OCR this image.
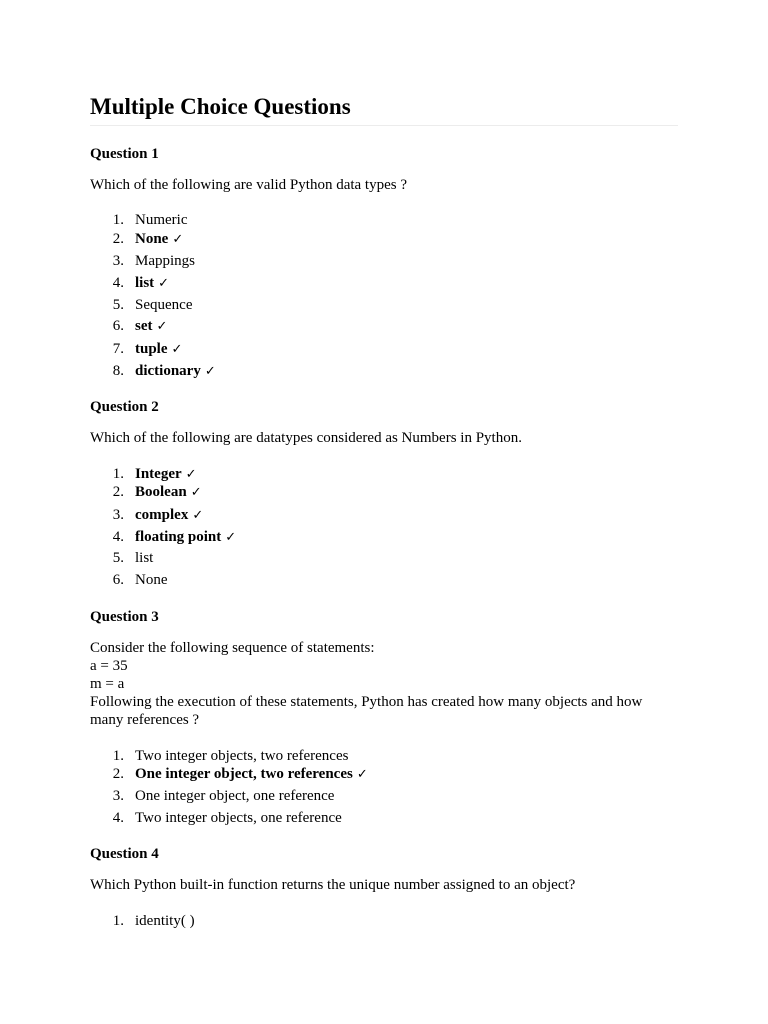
Multiple Choice Questions
Question 1
Which of the following are valid Python data types ?
1. Numeric
2. None ✓
3. Mappings
4. list ✓
5. Sequence
6. set ✓
7. tuple ✓
8. dictionary ✓
Question 2
Which of the following are datatypes considered as Numbers in Python.
1. Integer ✓
2. Boolean ✓
3. complex ✓
4. floating point ✓
5. list
6. None
Question 3
Consider the following sequence of statements:
a = 35
m = a
Following the execution of these statements, Python has created how many objects and how
many references ?
1. Two integer objects, two references
2. One integer object, two references ✓
3. One integer object, one reference
4. Two integer objects, one reference
Question 4
Which Python built-in function returns the unique number assigned to an object?
1. identity( )
